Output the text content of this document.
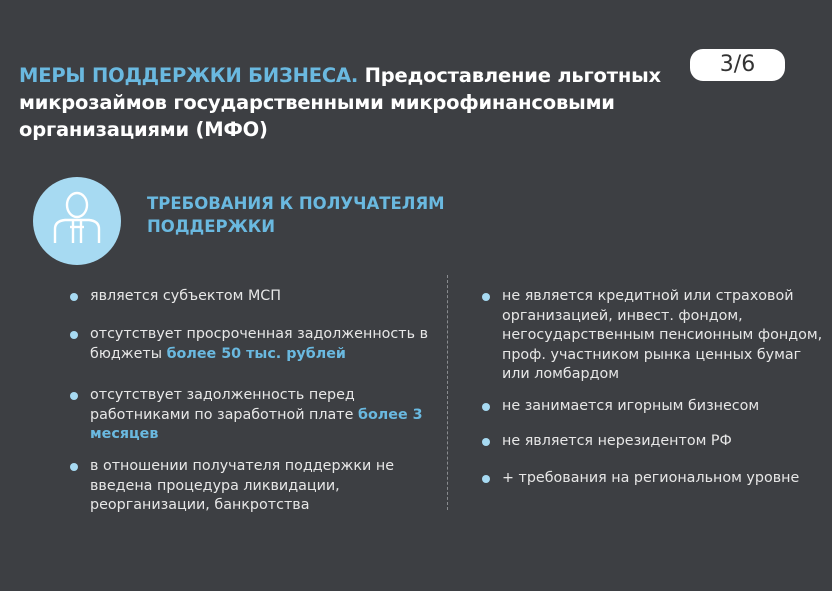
МЕРЫ ПОДДЕРЖКИ БИЗНЕСА. Предоставление льготных микрозаймов государственными микрофинансовыми организациями (МФО)
3/6
ТРЕБОВАНИЯ К ПОЛУЧАТЕЛЯМ ПОДДЕРЖКИ
является субъектом МСП
отсутствует просроченная задолженность в бюджеты более 50 тыс. рублей
отсутствует задолженность перед работниками по заработной плате более 3 месяцев
в отношении получателя поддержки не введена процедура ликвидации, реорганизации, банкротства
не является кредитной или страховой организацией, инвест. фондом, негосударственным пенсионным фондом, проф. участником рынка ценных бумаг или ломбардом
не занимается игорным бизнесом
не является нерезидентом РФ
+ требования на региональном уровне
